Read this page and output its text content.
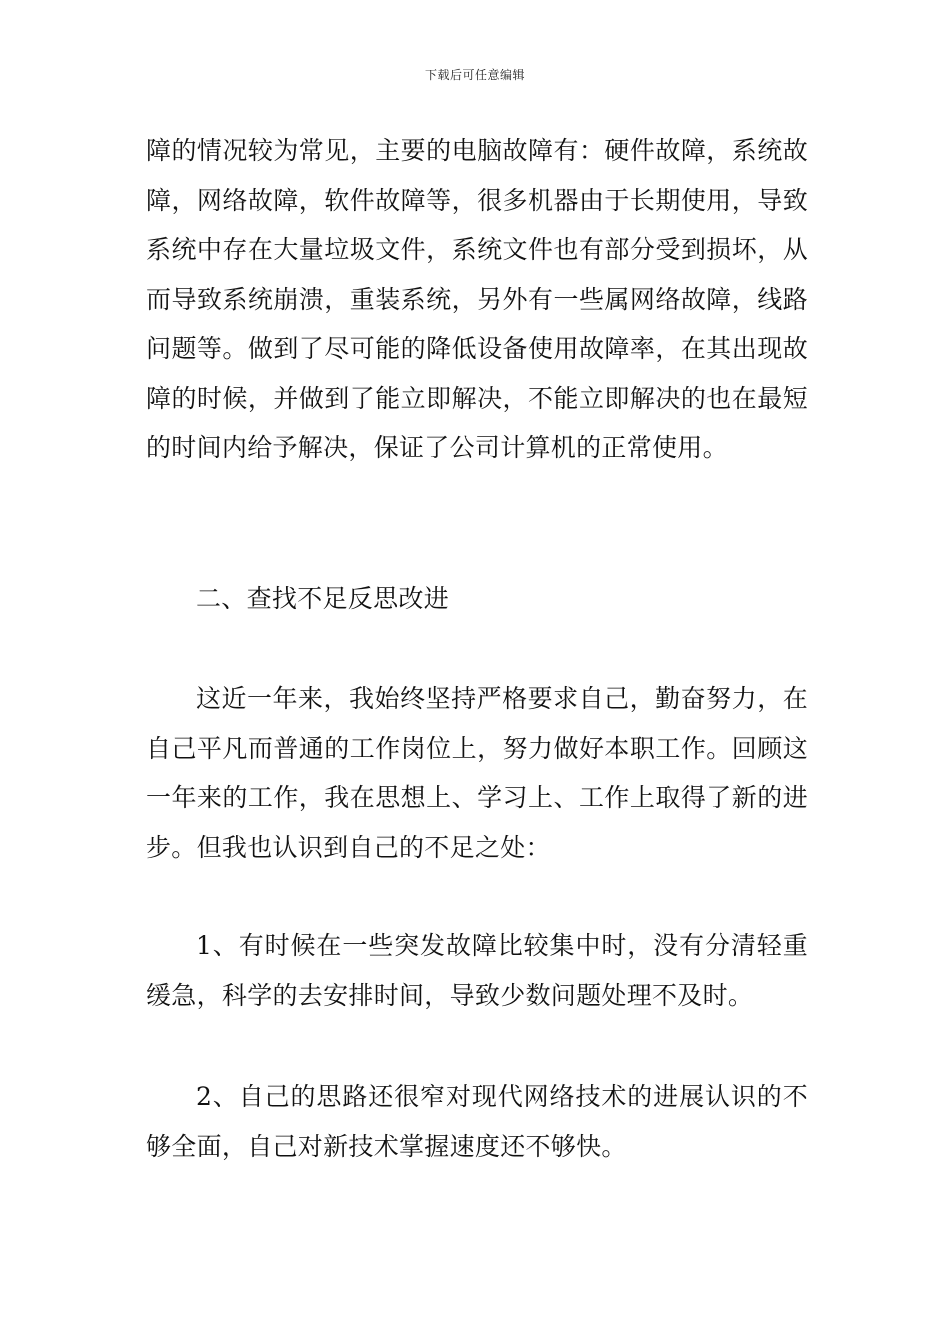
下载后可任意编辑

障的情况较为常见，主要的电脑故障有：硬件故障，系统故障，网络故障，软件故障等，很多机器由于长期使用，导致系统中存在大量垃圾文件，系统文件也有部分受到损坏，从而导致系统崩溃，重装系统，另外有一些属网络故障，线路问题等。做到了尽可能的降低设备使用故障率，在其出现故障的时候，并做到了能立即解决，不能立即解决的也在最短的时间内给予解决，保证了公司计算机的正常使用。

二、查找不足反思改进

这近一年来，我始终坚持严格要求自己，勤奋努力，在自己平凡而普通的工作岗位上，努力做好本职工作。回顾这一年来的工作，我在思想上、学习上、工作上取得了新的进步。但我也认识到自己的不足之处：

1、有时候在一些突发故障比较集中时，没有分清轻重缓急，科学的去安排时间，导致少数问题处理不及时。

2、自己的思路还很窄对现代网络技术的进展认识的不够全面，自己对新技术掌握速度还不够快。
